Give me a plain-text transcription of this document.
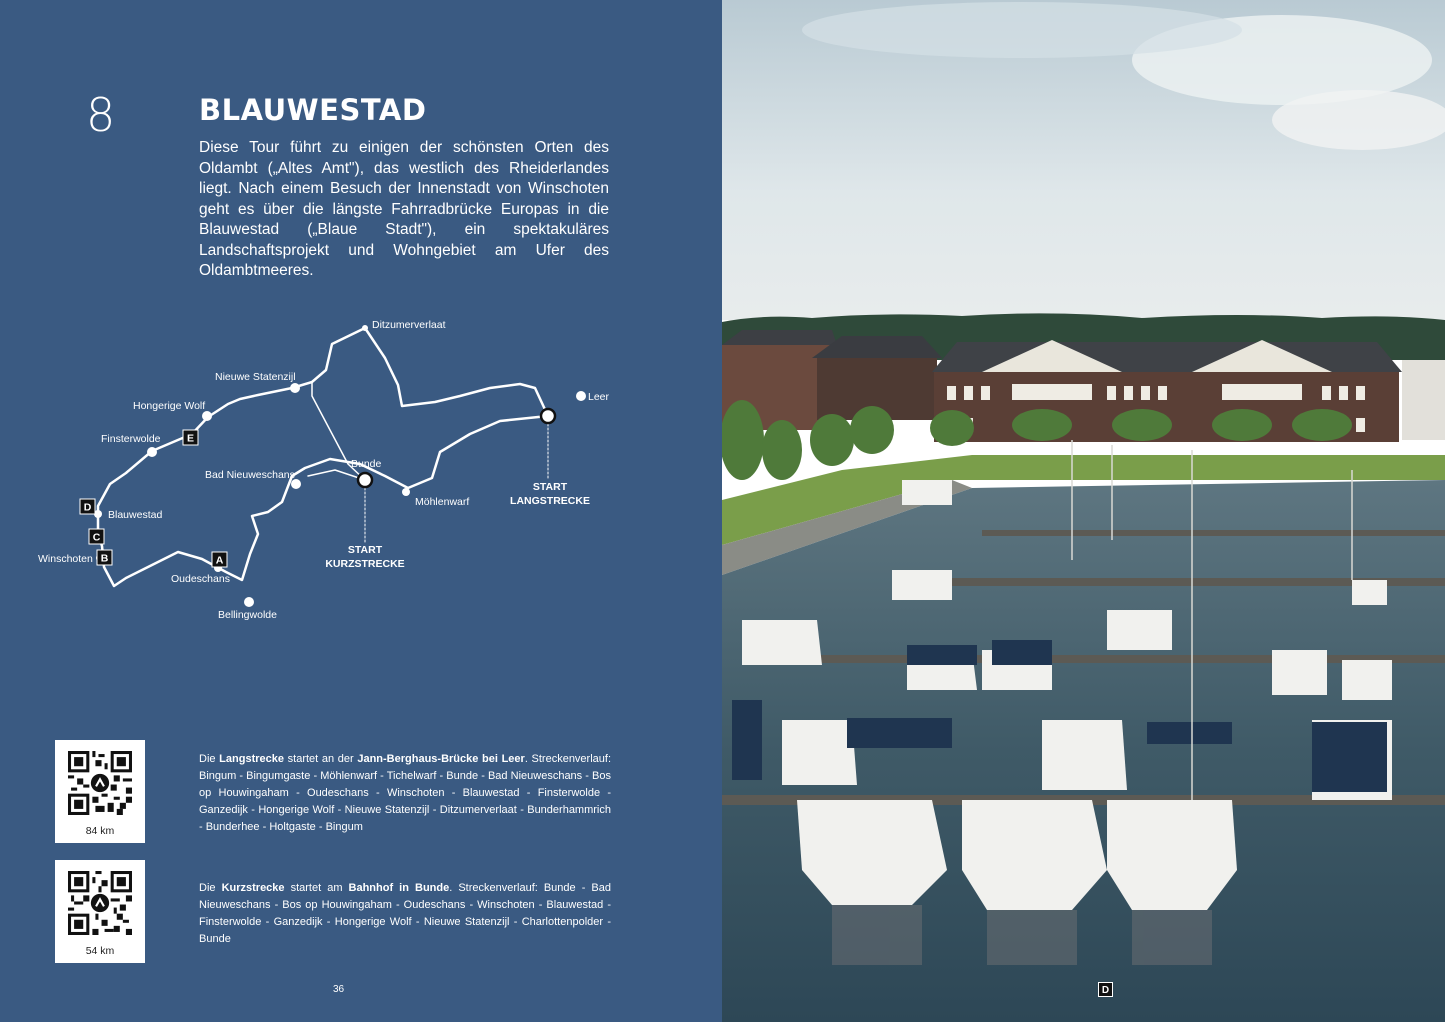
8	BLAUWESTAD
Diese Tour führt zu einigen der schönsten Orten des Oldambt („Altes Amt"), das westlich des Rheiderlandes liegt. Nach einem Besuch der Innenstadt von Winschoten geht es über die längste Fahrradbrücke Europas in die Blauwestad („Blaue Stadt"), ein spektakuläres Landschaftsprojekt und Wohngebiet am Ufer des Oldambtmeeres.
E
D
C
B	A
Ditzumerverlaat
Leer
Nieuwe Statenzijl
Hongerige Wolf
Finsterwolde
Bad Nieuweschans
Bunde
Möhlenwarf
Blauwestad
Winschoten
Oudeschans
Bellingwolde
START
LANGSTRECKE
START
KURZSTRECKE
84 km
Die Langstrecke startet an der Jann-Berghaus-Brücke bei Leer. Streckenverlauf: Bingum - Bingumgaste - Möhlenwarf - Tichelwarf - Bunde - Bad Nieuweschans - Bos op Houwingaham - Oudeschans - Winschoten - Blauwestad - Finsterwolde - Ganzedijk - Hongerige Wolf - Nieuwe Statenzijl - Ditzumerverlaat - Bunderhammrich - Bunderhee - Holtgaste - Bingum
54 km
Die Kurzstrecke startet am Bahnhof in Bunde. Streckenverlauf: Bunde - Bad Nieuweschans - Bos op Houwingaham - Oudeschans - Winschoten - Blauwestad - Finsterwolde - Ganzedijk - Hongerige Wolf - Nieuwe Statenzijl - Charlottenpolder - Bunde
36	D
